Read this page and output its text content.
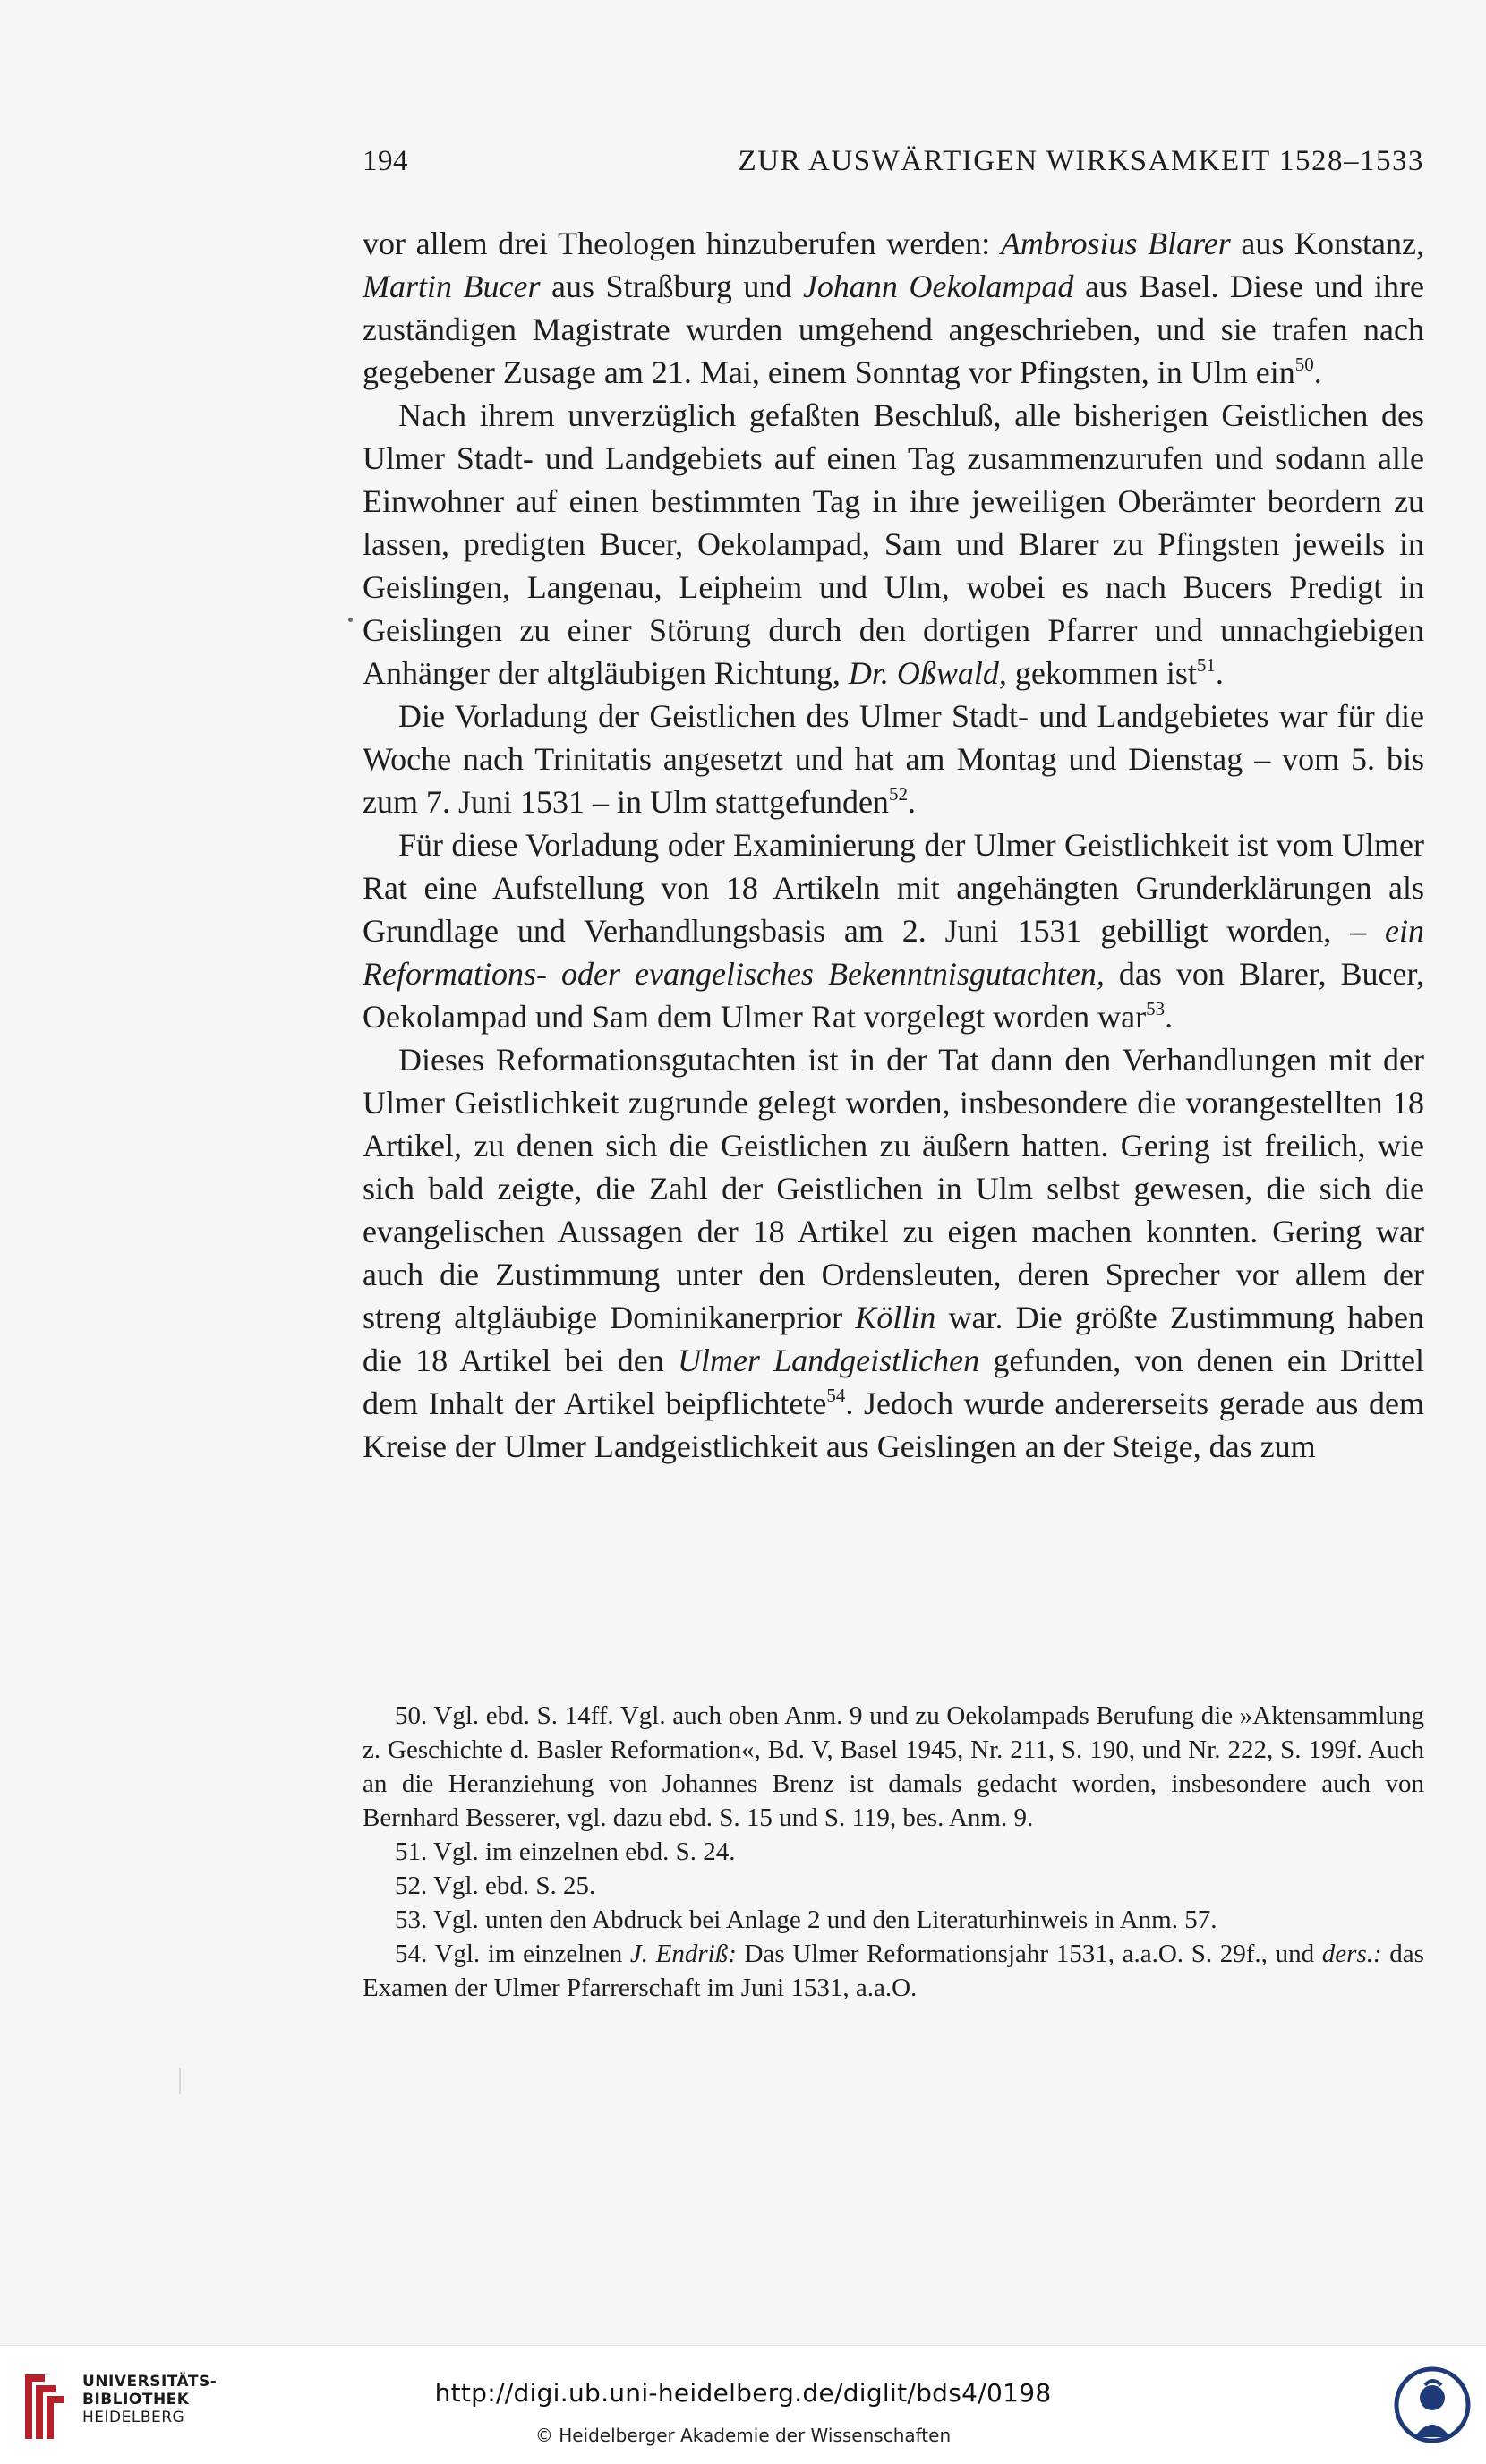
194	ZUR AUSWÄRTIGEN WIRKSAMKEIT 1528–1533

vor allem drei Theologen hinzuberufen werden: Ambrosius Blarer aus Konstanz, Martin Bucer aus Straßburg und Johann Oekolampad aus Basel. Diese und ihre zuständigen Magistrate wurden umgehend angeschrieben, und sie trafen nach gegebener Zusage am 21. Mai, einem Sonntag vor Pfingsten, in Ulm ein$^{50}$.

Nach ihrem unverzüglich gefaßten Beschluß, alle bisherigen Geistlichen des Ulmer Stadt- und Landgebiets auf einen Tag zusammenzurufen und sodann alle Einwohner auf einen bestimmten Tag in ihre jeweiligen Oberämter beordern zu lassen, predigten Bucer, Oekolampad, Sam und Blarer zu Pfingsten jeweils in Geislingen, Langenau, Leipheim und Ulm, wobei es nach Bucers Predigt in Geislingen zu einer Störung durch den dortigen Pfarrer und unnachgiebigen Anhänger der altgläubigen Richtung, Dr. Oßwald, gekommen ist$^{51}$.

Die Vorladung der Geistlichen des Ulmer Stadt- und Landgebietes war für die Woche nach Trinitatis angesetzt und hat am Montag und Dienstag – vom 5. bis zum 7. Juni 1531 – in Ulm stattgefunden$^{52}$.

Für diese Vorladung oder Examinierung der Ulmer Geistlichkeit ist vom Ulmer Rat eine Aufstellung von 18 Artikeln mit angehängten Grunderklärungen als Grundlage und Verhandlungsbasis am 2. Juni 1531 gebilligt worden, – ein Reformations- oder evangelisches Bekenntnisgutachten, das von Blarer, Bucer, Oekolampad und Sam dem Ulmer Rat vorgelegt worden war$^{53}$.

Dieses Reformationsgutachten ist in der Tat dann den Verhandlungen mit der Ulmer Geistlichkeit zugrunde gelegt worden, insbesondere die vorangestellten 18 Artikel, zu denen sich die Geistlichen zu äußern hatten. Gering ist freilich, wie sich bald zeigte, die Zahl der Geistlichen in Ulm selbst gewesen, die sich die evangelischen Aussagen der 18 Artikel zu eigen machen konnten. Gering war auch die Zustimmung unter den Ordensleuten, deren Sprecher vor allem der streng altgläubige Dominikanerprior Köllin war. Die größte Zustimmung haben die 18 Artikel bei den Ulmer Landgeistlichen gefunden, von denen ein Drittel dem Inhalt der Artikel beipflichtete$^{54}$. Jedoch wurde andererseits gerade aus dem Kreise der Ulmer Landgeistlichkeit aus Geislingen an der Steige, das zum

50. Vgl. ebd. S. 14ff. Vgl. auch oben Anm. 9 und zu Oekolampads Berufung die »Aktensammlung z. Geschichte d. Basler Reformation«, Bd. V, Basel 1945, Nr. 211, S. 190, und Nr. 222, S. 199f. Auch an die Heranziehung von Johannes Brenz ist damals gedacht worden, insbesondere auch von Bernhard Besserer, vgl. dazu ebd. S. 15 und S. 119, bes. Anm. 9.

51. Vgl. im einzelnen ebd. S. 24.

52. Vgl. ebd. S. 25.

53. Vgl. unten den Abdruck bei Anlage 2 und den Literaturhinweis in Anm. 57.

54. Vgl. im einzelnen J. Endriß: Das Ulmer Reformationsjahr 1531, a.a.O. S. 29f., und ders.: das Examen der Ulmer Pfarrerschaft im Juni 1531, a.a.O.

UNIVERSITÄTS-
BIBLIOTHEK
HEIDELBERG
http://digi.ub.uni-heidelberg.de/diglit/bds4/0198
© Heidelberger Akademie der Wissenschaften
